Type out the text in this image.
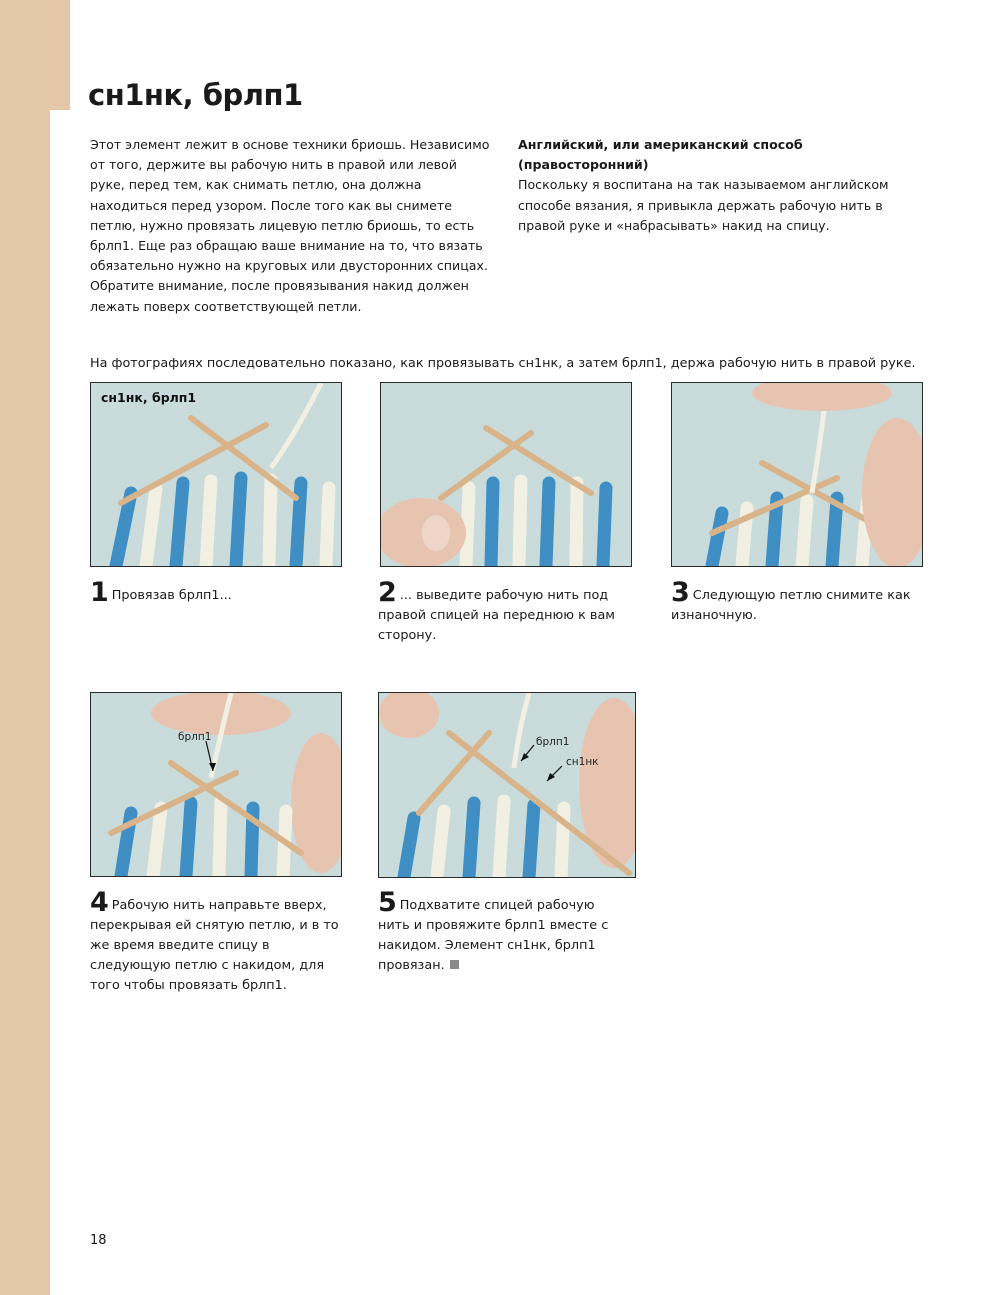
сн1нк, брлп1

Этот элемент лежит в основе техники бриошь. Независимо от того, держите вы рабочую нить в правой или левой руке, перед тем, как снимать петлю, она должна находиться перед узором. После того как вы снимете петлю, нужно провязать лицевую петлю бриошь, то есть брлп1. Еще раз обращаю ваше внимание на то, что вязать обязательно нужно на круговых или двусторонних спицах.

Обратите внимание, после провязывания накид должен лежать поверх соответствующей петли.

Английский, или американский способ (правосторонний)

Поскольку я воспитана на так называемом английском способе вязания, я привыкла держать рабочую нить в правой руке и «набрасывать» накид на спицу.

На фотографиях последовательно показано, как провязывать сн1нк, а затем брлп1, держа рабочую нить в правой руке.
сн1нк, брлп1
брлп1	брлп1
сн1нк
1 Провязав брлп1...	2 ... выведите рабочую нить под правой спицей на переднюю к вам сторону.
3 Следующую петлю снимите как изнаночную.
4 Рабочую нить направьте вверх, перекрывая ей снятую петлю, и в то же время введите спицу в следующую петлю с накидом, для того чтобы провязать брлп1.
5 Подхватите спицей рабочую нить и провяжите брлп1 вместе с накидом. Элемент сн1нк, брлп1 провязан.
18
